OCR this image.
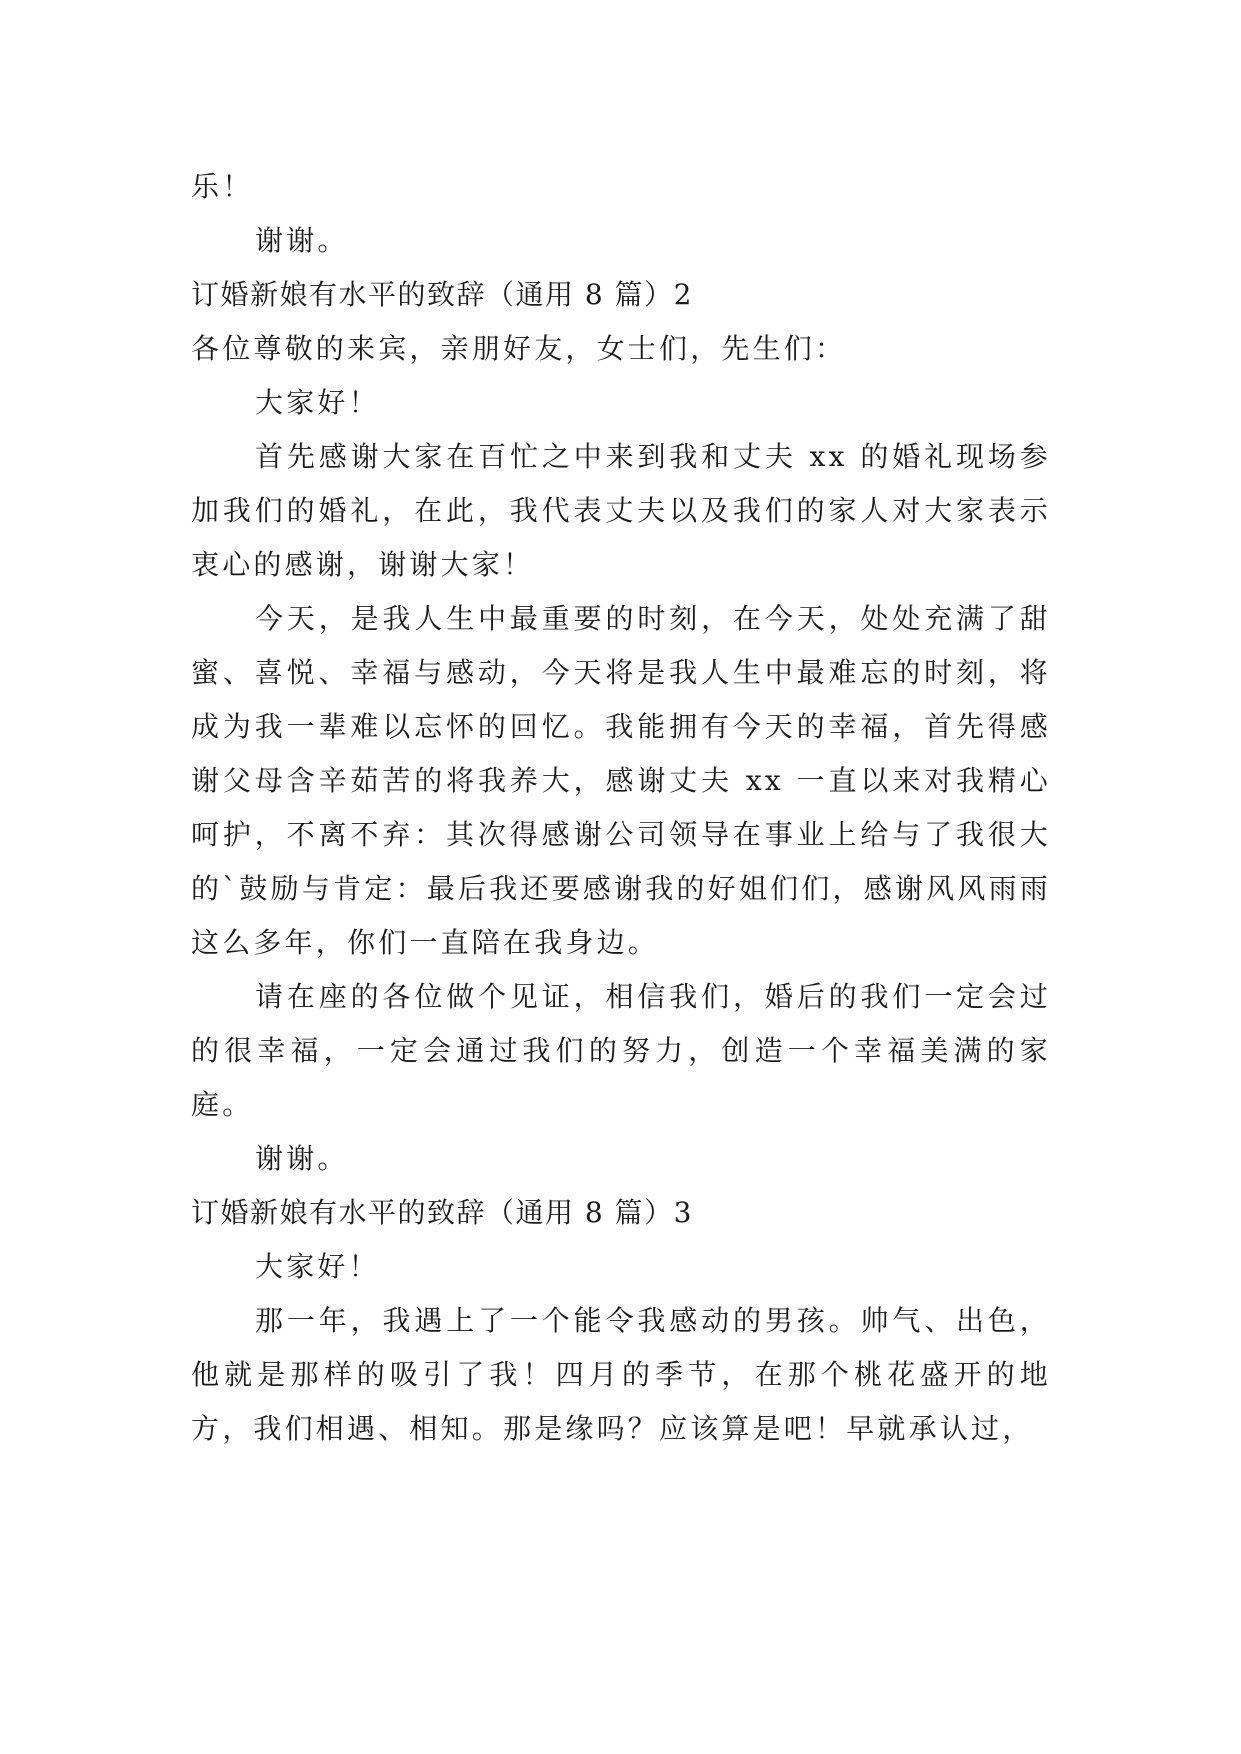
乐！

谢谢。

订婚新娘有水平的致辞（通用 8 篇）2

各位尊敬的来宾，亲朋好友，女士们，先生们：

大家好！

首先感谢大家在百忙之中来到我和丈夫 xx 的婚礼现场参加我们的婚礼，在此，我代表丈夫以及我们的家人对大家表示衷心的感谢，谢谢大家！

今天，是我人生中最重要的时刻，在今天，处处充满了甜蜜、喜悦、幸福与感动，今天将是我人生中最难忘的时刻，将成为我一辈难以忘怀的回忆。我能拥有今天的幸福，首先得感谢父母含辛茹苦的将我养大，感谢丈夫 xx 一直以来对我精心呵护，不离不弃：其次得感谢公司领导在事业上给与了我很大的`鼓励与肯定：最后我还要感谢我的好姐们们，感谢风风雨雨这么多年，你们一直陪在我身边。

请在座的各位做个见证，相信我们，婚后的我们一定会过的很幸福，一定会通过我们的努力，创造一个幸福美满的家庭。

谢谢。

订婚新娘有水平的致辞（通用 8 篇）3

大家好！

那一年，我遇上了一个能令我感动的男孩。帅气、出色，他就是那样的吸引了我！四月的季节，在那个桃花盛开的地方，我们相遇、相知。那是缘吗？应该算是吧！早就承认过，
